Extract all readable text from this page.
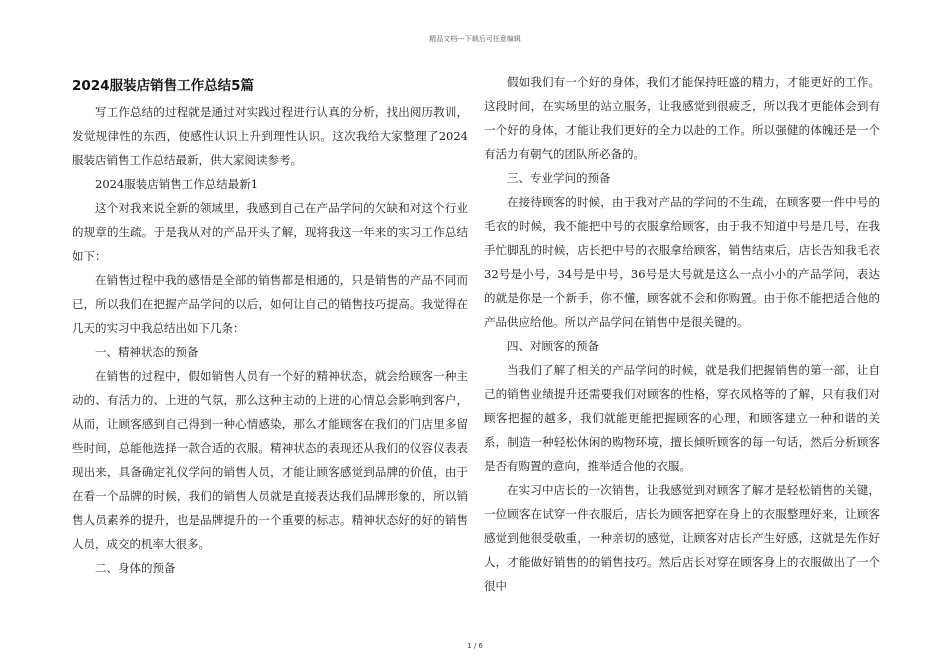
精品文档---下载后可任意编辑
2024服装店销售工作总结5篇

写工作总结的过程就是通过对实践过程进行认真的分析，找出阅历教训，发觉规律性的东西，使感性认识上升到理性认识。这次我给大家整理了2024服装店销售工作总结最新，供大家阅读参考。

2024服装店销售工作总结最新1

这个对我来说全新的领域里，我感到自己在产品学问的欠缺和对这个行业的规章的生疏。于是我从对的产品开头了解，现将我这一年来的实习工作总结如下：

在销售过程中我的感悟是全部的销售都是相通的，只是销售的产品不同而已，所以我们在把握产品学问的以后，如何让自己的销售技巧提高。我觉得在几天的实习中我总结出如下几条：

一、精神状态的预备

在销售的过程中，假如销售人员有一个好的精神状态，就会给顾客一种主动的、有活力的、上进的气氛，那么这种主动的上进的心情总会影响到客户，从而，让顾客感到自己得到一种心情感染，那么才能顾客在我们的门店里多留些时间，总能他选择一款合适的衣服。精神状态的表现还从我们的仪容仪表表现出来，具备确定礼仪学问的销售人员，才能让顾客感觉到品牌的价值，由于在看一个品牌的时候，我们的销售人员就是直接表达我们品牌形象的，所以销售人员素养的提升，也是品牌提升的一个重要的标志。精神状态好的好的销售人员，成交的机率大很多。

二、身体的预备

假如我们有一个好的身体，我们才能保持旺盛的精力，才能更好的工作。这段时间，在实场里的站立服务，让我感觉到很疲乏，所以我才更能体会到有一个好的身体，才能让我们更好的全力以赴的工作。所以强健的体魄还是一个有活力有朝气的团队所必备的。

三、专业学问的预备

在接待顾客的时候，由于我对产品的学问的不生疏，在顾客要一件中号的毛衣的时候，我不能把中号的衣服拿给顾客，由于我不知道中号是几号，在我手忙脚乱的时候，店长把中号的衣服拿给顾客，销售结束后，店长告知我毛衣32号是小号，34号是中号，36号是大号就是这么一点小小的产品学问，表达的就是你是一个新手，你不懂，顾客就不会和你购置。由于你不能把适合他的产品供应给他。所以产品学问在销售中是很关键的。

四、对顾客的预备

当我们了解了相关的产品学问的时候，就是我们把握销售的第一部，让自己的销售业绩提升还需要我们对顾客的性格，穿衣风格等的了解，只有我们对顾客把握的越多，我们就能更能把握顾客的心理，和顾客建立一种和谐的关系，制造一种轻松休闲的购物环境，擅长倾听顾客的每一句话，然后分析顾客是否有购置的意向，推举适合他的衣服。

在实习中店长的一次销售，让我感觉到对顾客了解才是轻松销售的关键，一位顾客在试穿一件衣服后，店长为顾客把穿在身上的衣服整理好来，让顾客感觉到他很受敬重，一种亲切的感觉，让顾客对店长产生好感，这就是先作好人，才能做好销售的的销售技巧。然后店长对穿在顾客身上的衣服做出了一个很中

1 / 6
